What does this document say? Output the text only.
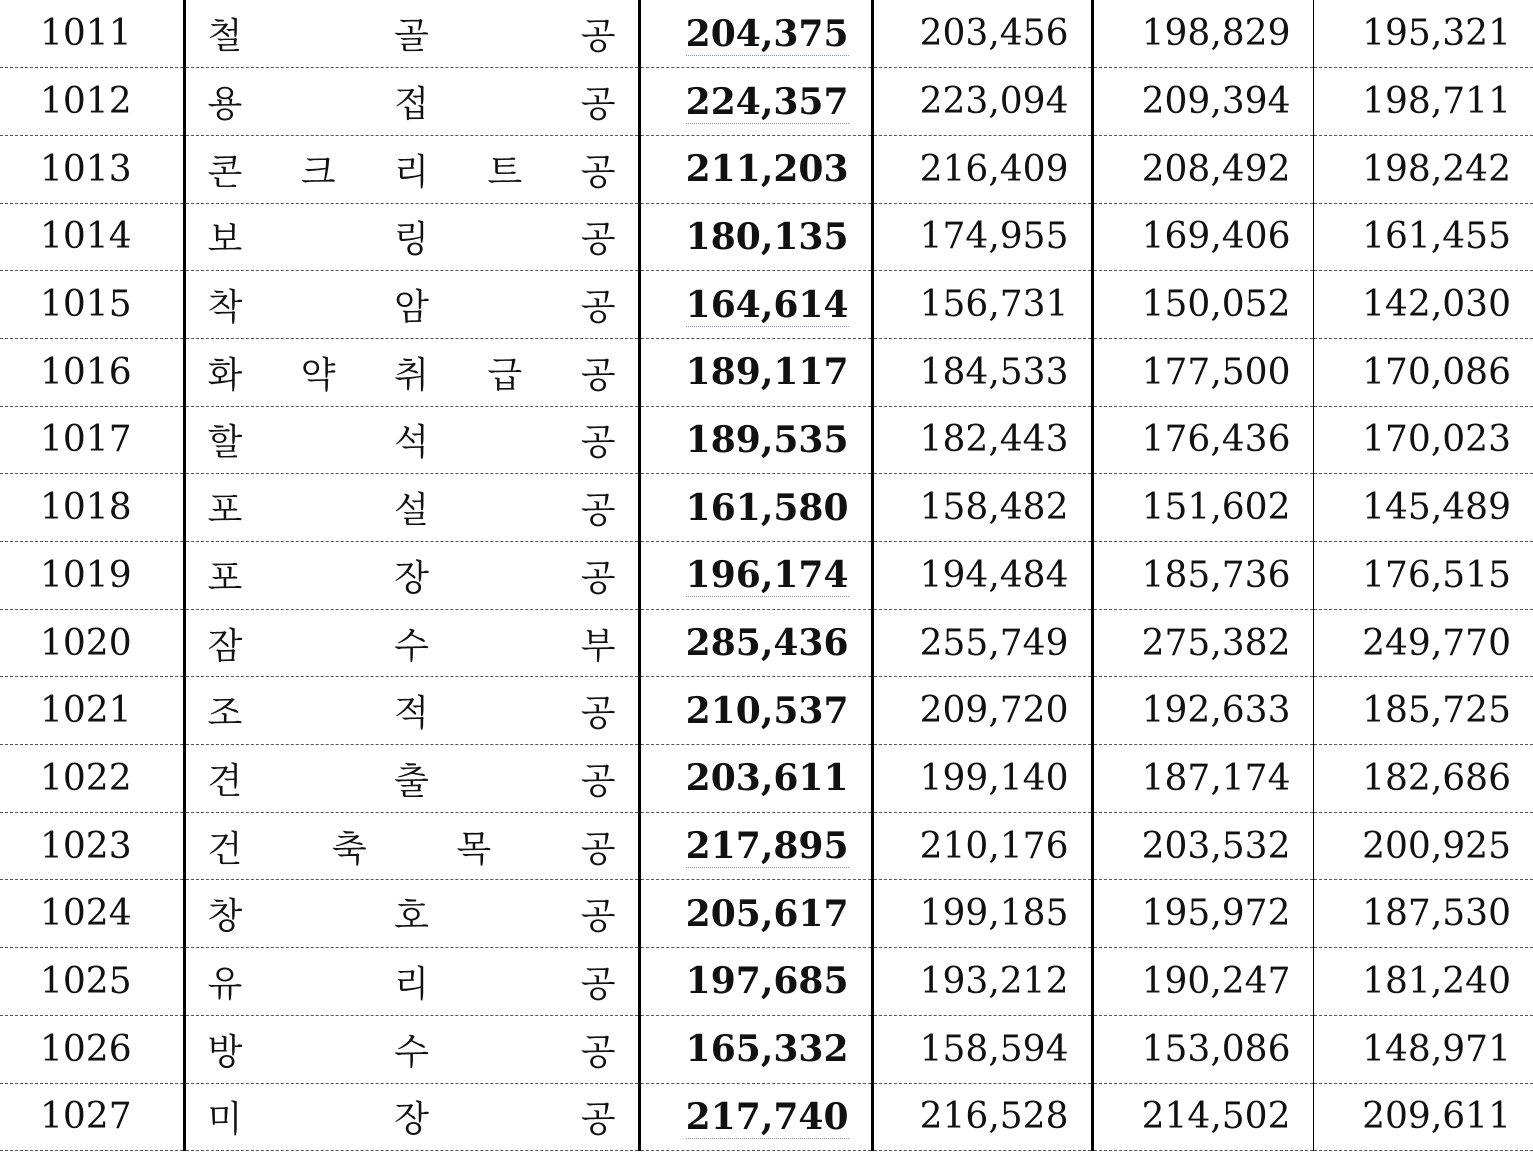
1011	철 골 공	204,375	203,456	198,829	195,321
1012	용 접 공	224,357	223,094	209,394	198,711
1013	콘 크 리 트 공	211,203	216,409	208,492	198,242
1014	보 링 공	180,135	174,955	169,406	161,455
1015	착 암 공	164,614	156,731	150,052	142,030
1016	화 약 취 급 공	189,117	184,533	177,500	170,086
1017	할 석 공	189,535	182,443	176,436	170,023
1018	포 설 공	161,580	158,482	151,602	145,489
1019	포 장 공	196,174	194,484	185,736	176,515
1020	잠 수 부	285,436	255,749	275,382	249,770
1021	조 적 공	210,537	209,720	192,633	185,725
1022	견 출 공	203,611	199,140	187,174	182,686
1023	건 축 목 공	217,895	210,176	203,532	200,925
1024	창 호 공	205,617	199,185	195,972	187,530
1025	유 리 공	197,685	193,212	190,247	181,240
1026	방 수 공	165,332	158,594	153,086	148,971
1027	미 장 공	217,740	216,528	214,502	209,611
